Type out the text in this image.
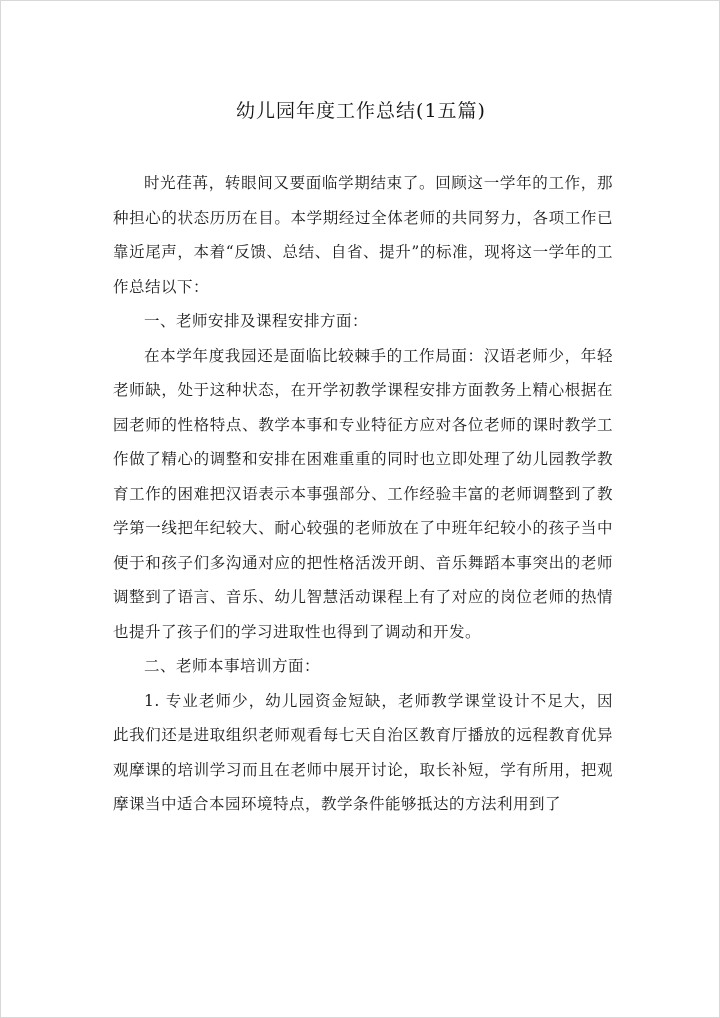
幼儿园年度工作总结(1五篇)

时光荏苒，转眼间又要面临学期结束了。回顾这一学年的工作，那种担心的状态历历在目。本学期经过全体老师的共同努力，各项工作已靠近尾声，本着“反馈、总结、自省、提升”的标准，现将这一学年的工作总结以下：

一、老师安排及课程安排方面：

在本学年度我园还是面临比较棘手的工作局面：汉语老师少，年轻老师缺，处于这种状态，在开学初教学课程安排方面教务上精心根据在园老师的性格特点、教学本事和专业特征方应对各位老师的课时教学工作做了精心的调整和安排在困难重重的同时也立即处理了幼儿园教学教育工作的困难把汉语表示本事强部分、工作经验丰富的老师调整到了教学第一线把年纪较大、耐心较强的老师放在了中班年纪较小的孩子当中便于和孩子们多沟通对应的把性格活泼开朗、音乐舞蹈本事突出的老师调整到了语言、音乐、幼儿智慧活动课程上有了对应的岗位老师的热情也提升了孩子们的学习进取性也得到了调动和开发。

二、老师本事培训方面：

1. 专业老师少，幼儿园资金短缺，老师教学课堂设计不足大，因此我们还是进取组织老师观看每七天自治区教育厅播放的远程教育优异观摩课的培训学习而且在老师中展开讨论，取长补短，学有所用，把观摩课当中适合本园环境特点，教学条件能够抵达的方法利用到了
